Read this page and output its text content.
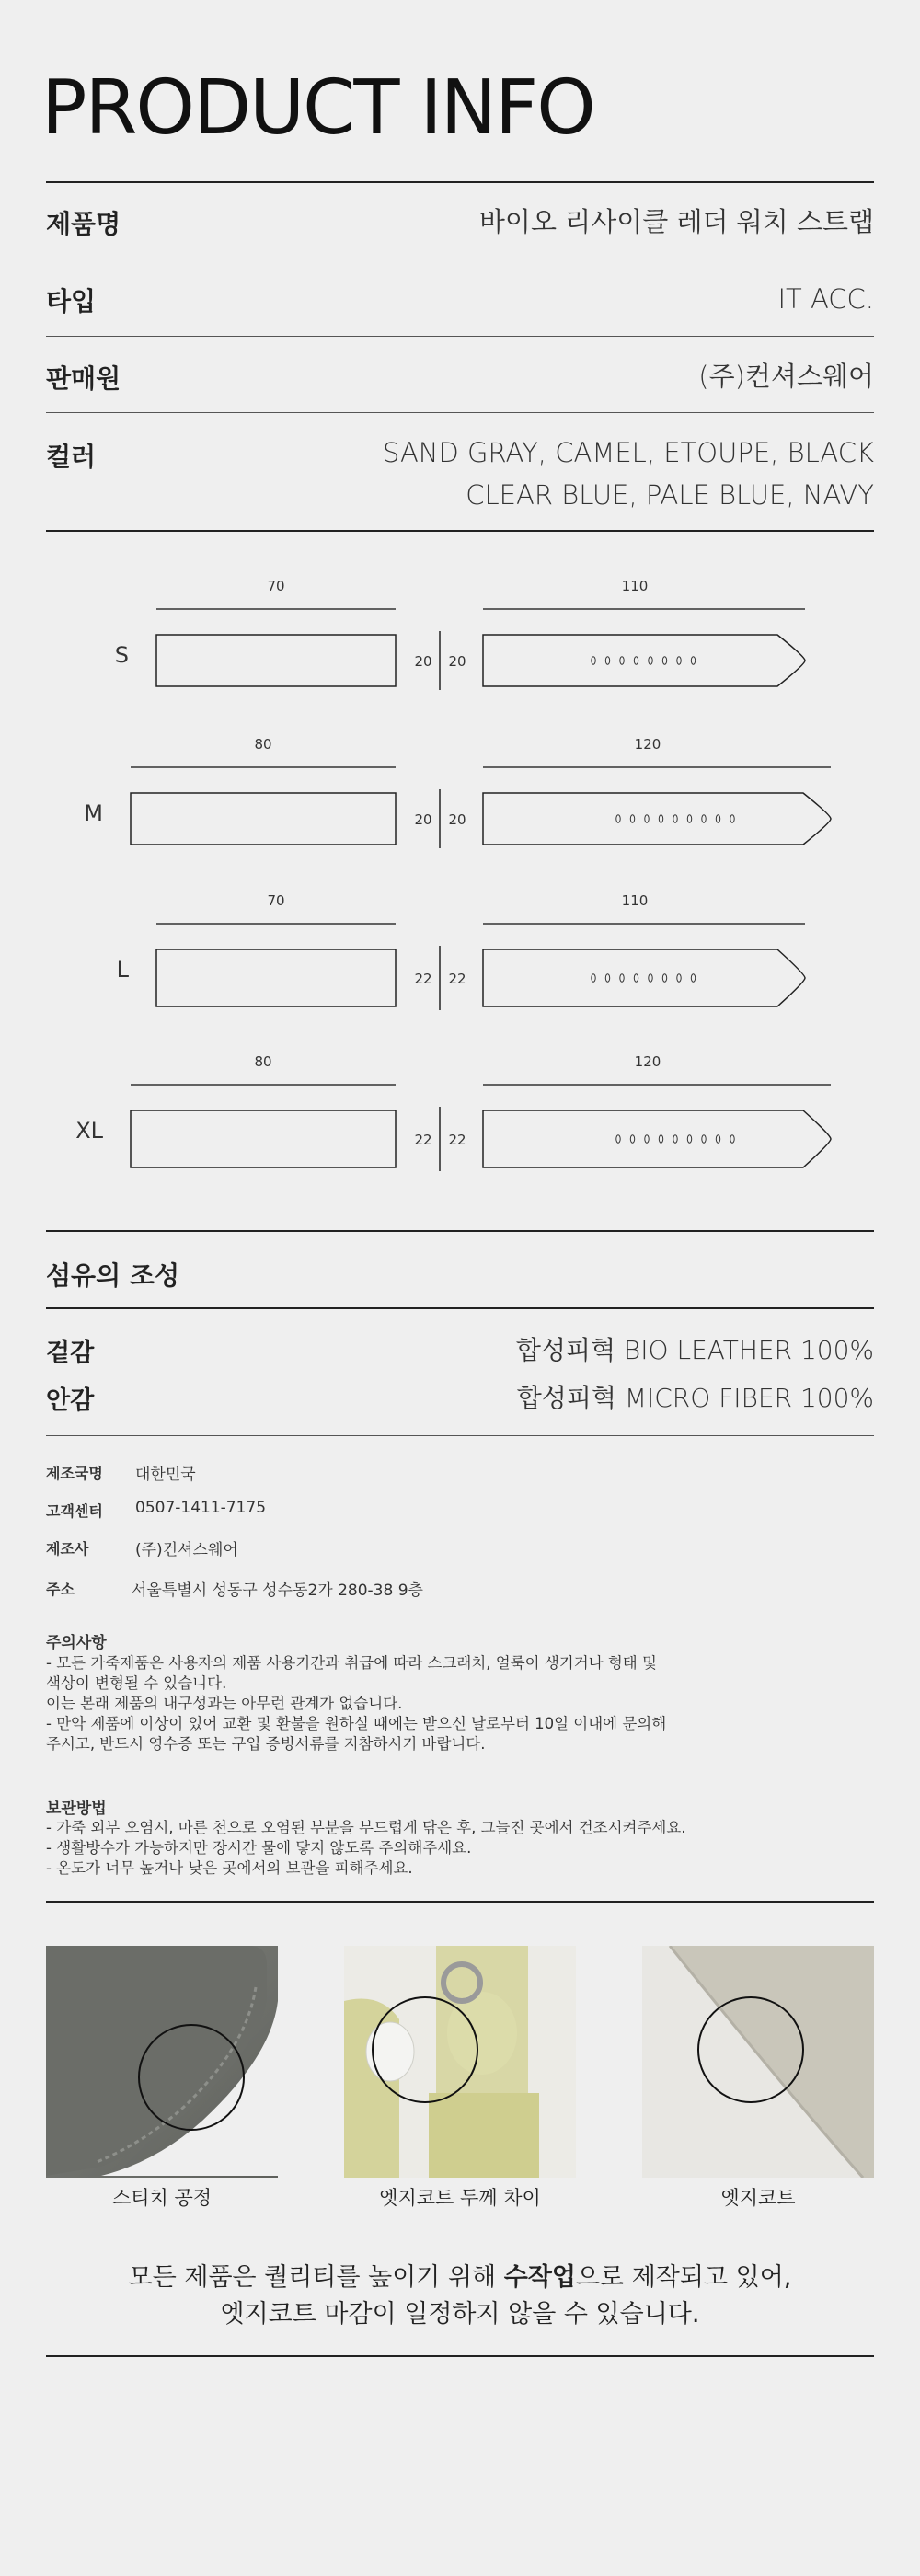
PRODUCT INFO
제품명	바이오 리사이클 레더 워치 스트랩
타입	IT ACC.
판매원	(주)컨셔스웨어
컬러	SAND GRAY, CAMEL, ETOUPE, BLACK
CLEAR BLUE, PALE BLUE, NAVY
70	110
S	20 20
80	120
M	20 20
70	110
L	22 22
80	120
XL	22 22
섬유의 조성
겉감	합성피혁 BIO LEATHER 100%
안감	합성피혁 MICRO FIBER 100%
제조국명 대한민국
고객센터 0507-1411-7175
제조사	(주)컨셔스웨어
주소	서울특별시 성동구 성수동2가 280-38 9층
주의사항
- 모든 가죽제품은 사용자의 제품 사용기간과 취급에 따라 스크래치, 얼룩이 생기거나 형태 및
색상이 변형될 수 있습니다.
이는 본래 제품의 내구성과는 아무런 관계가 없습니다.
- 만약 제품에 이상이 있어 교환 및 환불을 원하실 때에는 받으신 날로부터 10일 이내에 문의해
주시고, 반드시 영수증 또는 구입 증빙서류를 지참하시기 바랍니다.
보관방법
- 가죽 외부 오염시, 마른 천으로 오염된 부분을 부드럽게 닦은 후, 그늘진 곳에서 건조시켜주세요.
- 생활방수가 가능하지만 장시간 물에 닿지 않도록 주의해주세요.
- 온도가 너무 높거나 낮은 곳에서의 보관을 피해주세요.
스티치 공정	엣지코트 두께 차이	엣지코트
모든 제품은 퀄리티를 높이기 위해 수작업으로 제작되고 있어,
엣지코트 마감이 일정하지 않을 수 있습니다.
